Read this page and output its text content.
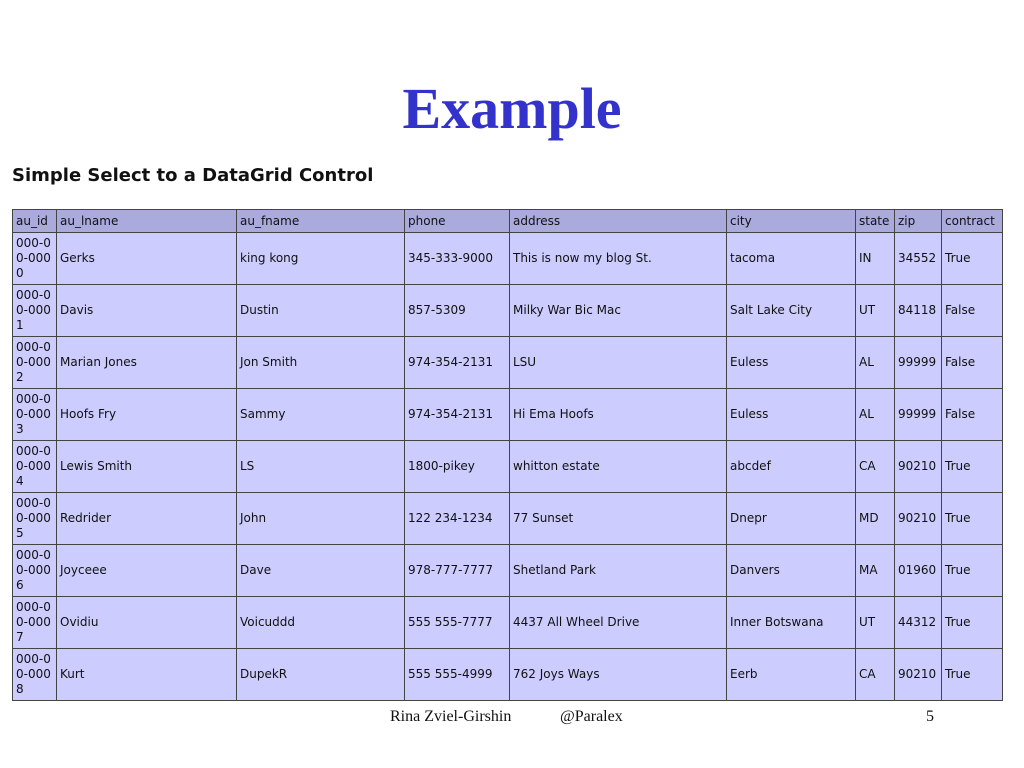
Example
Simple Select to a DataGrid Control
au_id	au_lname	au_fname	phone	address	city	state	zip	contract
000-00-0000	Gerks	king kong	345-333-9000	This is now my blog St.	tacoma	IN	34552	True
000-00-0001	Davis	Dustin	857-5309	Milky War Bic Mac	Salt Lake City	UT	84118	False
000-00-0002	Marian Jones	Jon Smith	974-354-2131	LSU	Euless	AL	99999	False
000-00-0003	Hoofs Fry	Sammy	974-354-2131	Hi Ema Hoofs	Euless	AL	99999	False
000-00-0004	Lewis Smith	LS	1800-pikey	whitton estate	abcdef	CA	90210	True
000-00-0005	Redrider	John	122 234-1234	77 Sunset	Dnepr	MD	90210	True
000-00-0006	Joyceee	Dave	978-777-7777	Shetland Park	Danvers	MA	01960	True
000-00-0007	Ovidiu	Voicuddd	555 555-7777	4437 All Wheel Drive	Inner Botswana	UT	44312	True
000-00-0008	Kurt	DupekR	555 555-4999	762 Joys Ways	Eerb	CA	90210	True
Rina Zviel-Girshin	@Paralex	5
